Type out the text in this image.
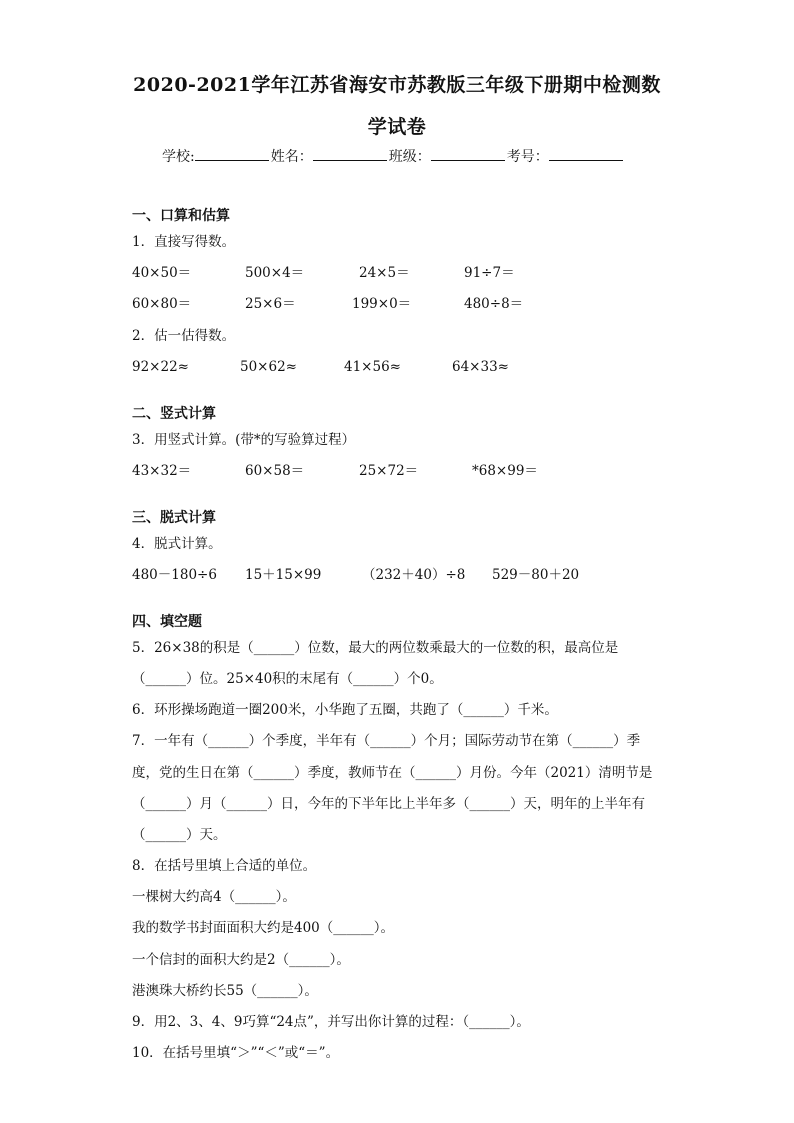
2020-2021学年江苏省海安市苏教版三年级下册期中检测数
学试卷
学校:	姓名：	班级：	考号：
一、口算和估算
1．直接写得数。
40×50＝	500×4＝	24×5＝	91÷7＝
60×80＝	25×6＝	199×0＝	480÷8＝
2．估一估得数。
92×22≈	50×62≈	41×56≈	64×33≈
二、竖式计算
3．用竖式计算。(带*的写验算过程）
43×32＝	60×58＝	25×72＝	*68×99＝
三、脱式计算
4．脱式计算。
480－180÷6 15＋15×99	（232＋40）÷8 529－80＋20
四、填空题
5．26×38的积是（______）位数，最大的两位数乘最大的一位数的积，最高位是
（______）位。25×40积的末尾有（______）个0。
6．环形操场跑道一圈200米，小华跑了五圈，共跑了（______）千米。
7．一年有（______）个季度，半年有（______）个月；国际劳动节在第（______）季
度，党的生日在第（______）季度，教师节在（______）月份。今年（2021）清明节是
（______）月（______）日，今年的下半年比上半年多（______）天，明年的上半年有
（______）天。
8．在括号里填上合适的单位。
一棵树大约高4（______）。
我的数学书封面面积大约是400（______）。
一个信封的面积大约是2（______）。
港澳珠大桥约长55（______）。
9．用2、3、4、9巧算“24点”，并写出你计算的过程：（______）。
10．在括号里填“＞”“＜”或“＝”。
